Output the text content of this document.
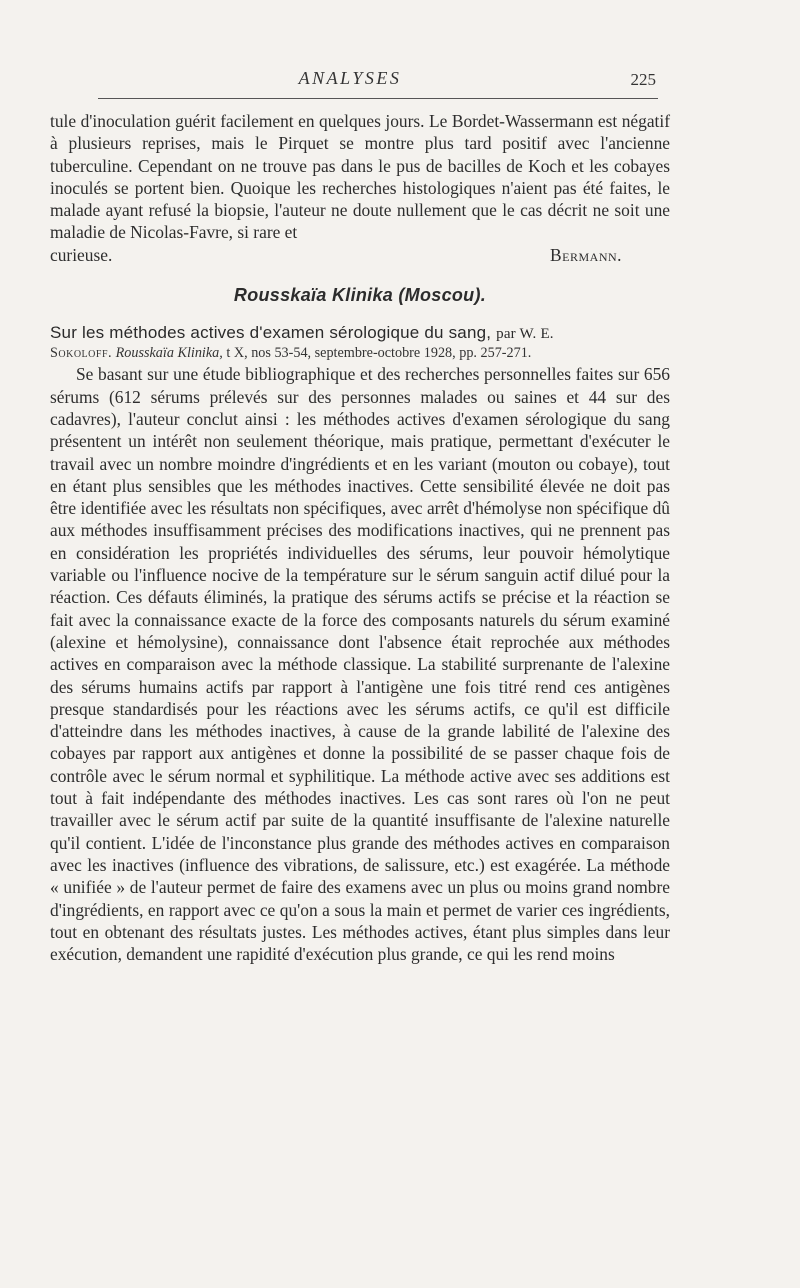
ANALYSES	225

tule d'inoculation guérit facilement en quelques jours. Le Bordet-Wassermann est négatif à plusieurs reprises, mais le Pirquet se montre plus tard positif avec l'ancienne tuberculine. Cependant on ne trouve pas dans le pus de bacilles de Koch et les cobayes inoculés se portent bien. Quoique les recherches histologiques n'aient pas été faites, le malade ayant refusé la biopsie, l'auteur ne doute nullement que le cas décrit ne soit une maladie de Nicolas-Favre, si rare et

curieuse.	Bermann.

Rousskaïa Klinika (Moscou).

Sur les méthodes actives d'examen sérologique du sang, par W. E.

Sokoloff. Rousskaïa Klinika, t X, nos 53-54, septembre-octobre 1928, pp. 257-271.

Se basant sur une étude bibliographique et des recherches personnelles faites sur 656 sérums (612 sérums prélevés sur des personnes malades ou saines et 44 sur des cadavres), l'auteur conclut ainsi : les méthodes actives d'examen sérologique du sang présentent un intérêt non seulement théorique, mais pratique, permettant d'exécuter le travail avec un nombre moindre d'ingrédients et en les variant (mouton ou cobaye), tout en étant plus sensibles que les méthodes inactives. Cette sensibilité élevée ne doit pas être identifiée avec les résultats non spécifiques, avec arrêt d'hémolyse non spécifique dû aux méthodes insuffisamment précises des modifications inactives, qui ne prennent pas en considération les propriétés individuelles des sérums, leur pouvoir hémolytique variable ou l'influence nocive de la température sur le sérum sanguin actif dilué pour la réaction. Ces défauts éliminés, la pratique des sérums actifs se précise et la réaction se fait avec la connaissance exacte de la force des composants naturels du sérum examiné (alexine et hémolysine), connaissance dont l'absence était reprochée aux méthodes actives en comparaison avec la méthode classique. La stabilité surprenante de l'alexine des sérums humains actifs par rapport à l'antigène une fois titré rend ces antigènes presque standardisés pour les réactions avec les sérums actifs, ce qu'il est difficile d'atteindre dans les méthodes inactives, à cause de la grande labilité de l'alexine des cobayes par rapport aux antigènes et donne la possibilité de se passer chaque fois de contrôle avec le sérum normal et syphilitique. La méthode active avec ses additions est tout à fait indépendante des méthodes inactives. Les cas sont rares où l'on ne peut travailler avec le sérum actif par suite de la quantité insuffisante de l'alexine naturelle qu'il contient. L'idée de l'inconstance plus grande des méthodes actives en comparaison avec les inactives (influence des vibrations, de salissure, etc.) est exagérée. La méthode « unifiée » de l'auteur permet de faire des examens avec un plus ou moins grand nombre d'ingrédients, en rapport avec ce qu'on a sous la main et permet de varier ces ingrédients, tout en obtenant des résultats justes. Les méthodes actives, étant plus simples dans leur exécution, demandent une rapidité d'exécution plus grande, ce qui les rend moins
